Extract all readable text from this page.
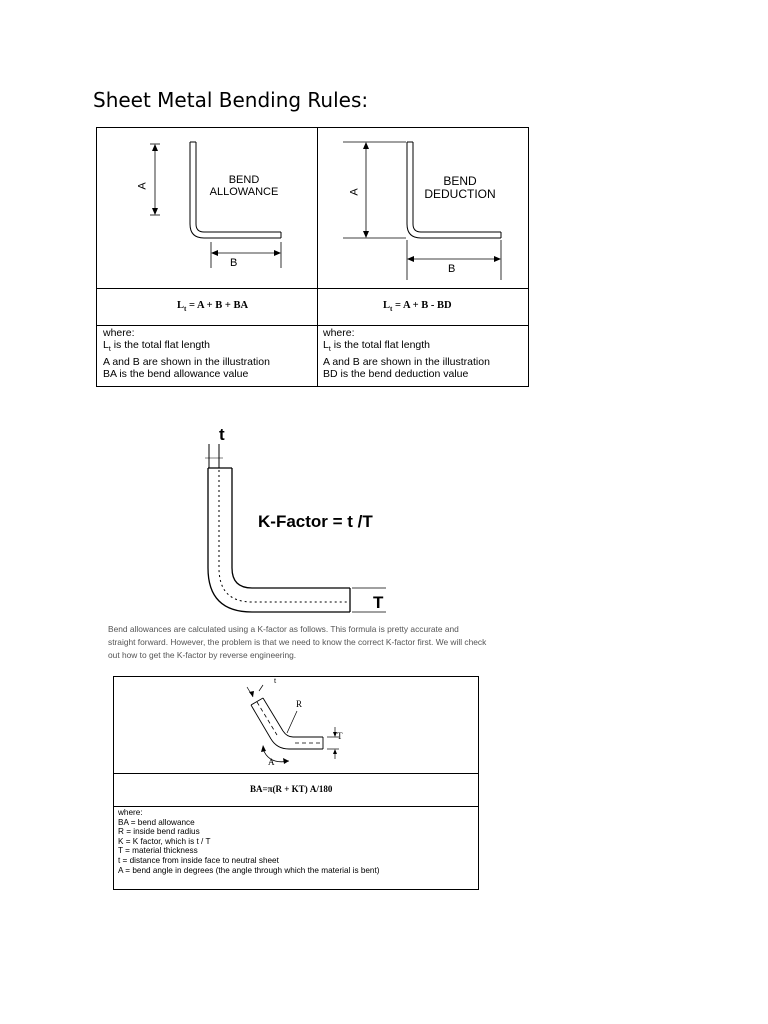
Sheet Metal Bending Rules:
A
B
BEND
ALLOWANCE	A
B
BEND
DEDUCTION
$L_t = A + B$ + BA	$L_t = A + B$ - BD
where:
$L_t$ is the total flat length
A and B are shown in the illustration
BA is the bend allowance value
where:
$L_t$ is the total flat length
A and B are shown in the illustration
BD is the bend deduction value
t
K-Factor = t /T
T
Bend allowances are calculated using a K-factor as follows. This formula is pretty accurate and straight forward. However, the problem is that we need to know the correct K-factor first. We will check out how to get the K-factor by reverse engineering.
t
R
T
A
BA=π(R + KT) A/180
where:
BA = bend allowance
R = inside bend radius
K = K factor, which is t / T
T = material thickness
t = distance from inside face to neutral sheet
A = bend angle in degrees (the angle through which the material is bent)
